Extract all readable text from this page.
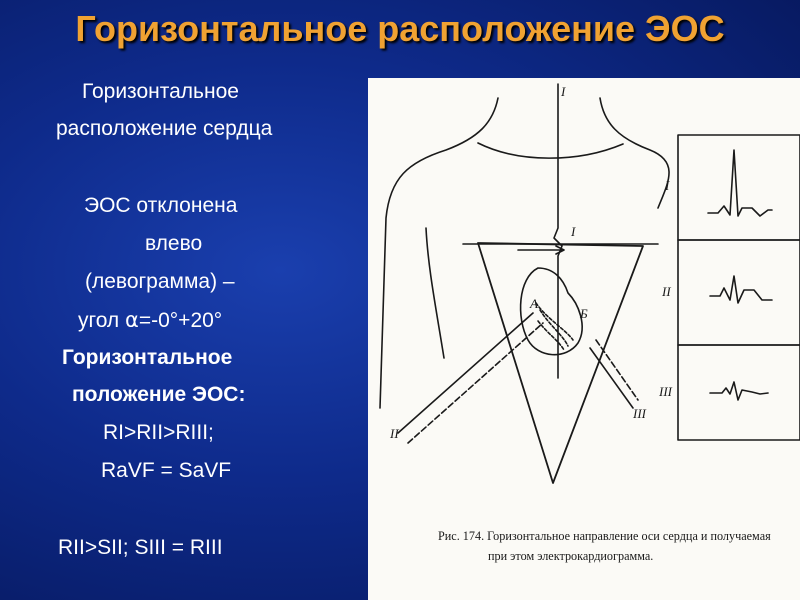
Горизонтальное расположение ЭОС
Горизонтальное
расположение сердца
ЭОС отклонена
влево
(левограмма) –
угол ⍺=-0°+20°
Горизонтальное
положение ЭОС:
RI>RII>RIII;
RaVF = SaVF
RII>SII; SIII = RIII
I
II
III
I
I
II
III
A
Б
Рис. 174. Горизонтальное направление оси сердца и получаемая
при этом электрокардиограмма.
